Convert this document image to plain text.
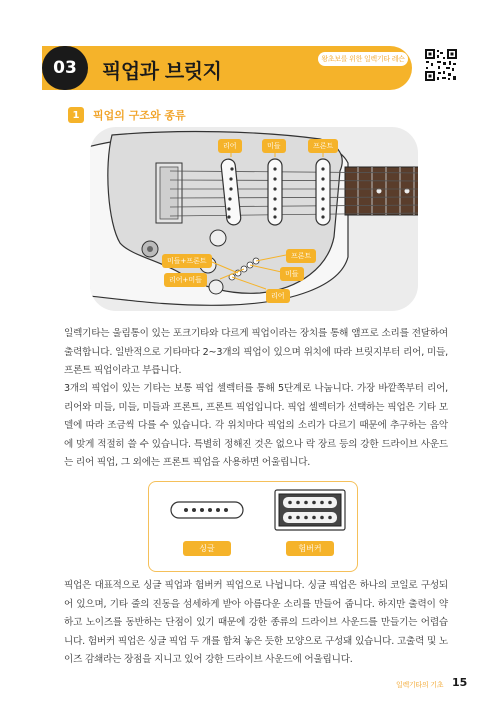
03	픽업과 브릿지	왕초보를 위한 일렉기타 레슨
1	픽업의 구조와 종류
리어	미들	프론트
미들+프론트
리어+미들
프론트
미들
리어

일렉기타는 울림통이 있는 포크기타와 다르게 픽업이라는 장치를 통해 앰프로 소리를 전달하여 출력합니다. 일반적으로 기타마다 2~3개의 픽업이 있으며 위치에 따라 브릿지부터 리어, 미들, 프론트 픽업이라고 부릅니다.

3개의 픽업이 있는 기타는 보통 픽업 셀렉터를 통해 5단계로 나눕니다. 가장 바깥쪽부터 리어, 리어와 미들, 미들, 미들과 프론트, 프론트 픽업입니다. 픽업 셀렉터가 선택하는 픽업은 기타 모델에 따라 조금씩 다를 수 있습니다. 각 위치마다 픽업의 소리가 다르기 때문에 추구하는 음악에 맞게 적절히 쓸 수 있습니다. 특별히 정해진 것은 없으나 락 장르 등의 강한 드라이브 사운드는 리어 픽업, 그 외에는 프론트 픽업을 사용하면 어울립니다.

싱글	험버커

픽업은 대표적으로 싱글 픽업과 험버커 픽업으로 나뉩니다. 싱글 픽업은 하나의 코일로 구성되어 있으며, 기타 줄의 진동을 섬세하게 받아 아름다운 소리를 만들어 줍니다. 하지만 출력이 약하고 노이즈를 동반하는 단점이 있기 때문에 강한 종류의 드라이브 사운드를 만들기는 어렵습니다. 험버커 픽업은 싱글 픽업 두 개를 합쳐 놓은 듯한 모양으로 구성돼 있습니다. 고출력 및 노이즈 감쇄라는 장점을 지니고 있어 강한 드라이브 사운드에 어울립니다.

일렉기타의 기초 15
